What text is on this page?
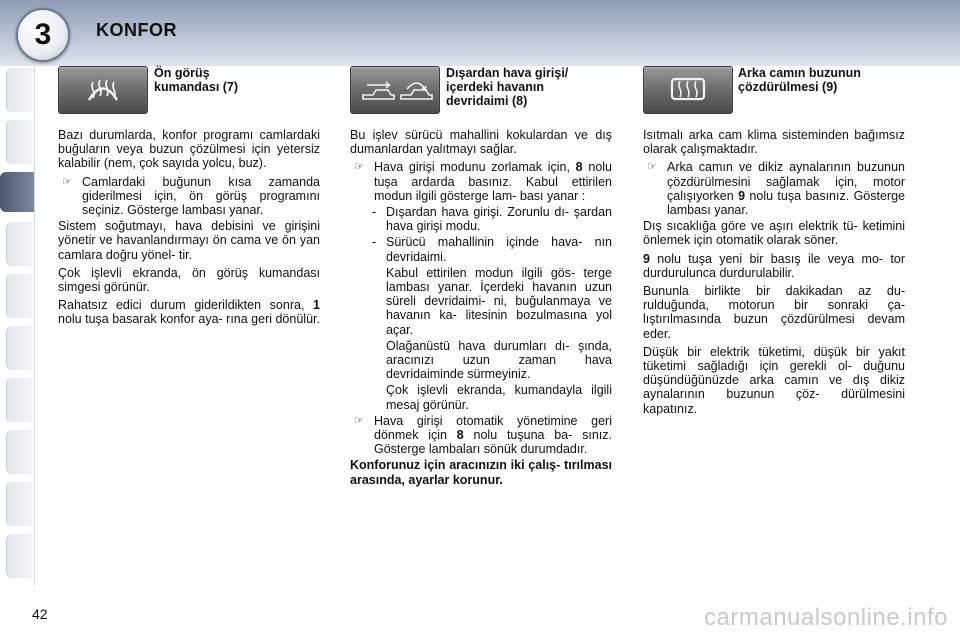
3 KONFOR
Ön görüş
kumandası (7)

Bazı durumlarda, konfor programı camlardaki buğuların veya buzun çözülmesi için yetersiz kalabilir (nem, çok sayıda yolcu, buz).

☞ Camlardaki buğunun kısa zamanda giderilmesi için, ön görüş programını seçiniz. Gösterge lambası yanar.

Sistem soğutmayı, hava debisini ve girişini yönetir ve havanlandırmayı ön cama ve ön yan camlara doğru yönel- tir.

Çok işlevli ekranda, ön görüş kumandası simgesi görünür.

Rahatsız edici durum giderildikten sonra, 1 nolu tuşa basarak konfor aya- rına geri dönülür.

Dışardan hava girişi/
içerdeki havanın
devridaimi (8)

Bu işlev sürücü mahallini kokulardan ve dış dumanlardan yalıtmayı sağlar.

☞ Hava girişi modunu zorlamak için, 8 nolu tuşa ardarda basınız. Kabul ettirilen modun ilgili gösterge lam- bası yanar :
- Dışardan hava girişi. Zorunlu dı- şardan hava girişi modu.
- Sürücü mahallinin içinde hava- nın devridaimi.
Kabul ettirilen modun ilgili gös- terge lambası yanar. İçerdeki havanın uzun süreli devridaimi- ni, buğulanmaya ve havanın ka- litesinin bozulmasına yol açar.
Olağanüstü hava durumları dı- şında, aracınızı uzun zaman hava devridaiminde sürmeyiniz.
Çok işlevli ekranda, kumandayla ilgili mesaj görünür.
☞ Hava girişi otomatik yönetimine geri dönmek için 8 nolu tuşuna ba- sınız. Gösterge lambaları sönük durumdadır.

Konforunuz için aracınızın iki çalış- tırılması arasında, ayarlar korunur.

Arka camın buzunun
çözdürülmesi (9)

Isıtmalı arka cam klima sisteminden bağımsız olarak çalışmaktadır.

☞ Arka camın ve dikiz aynalarının buzunun çözdürülmesini sağlamak için, motor çalışıyorken 9 nolu tuşa basınız. Gösterge lambası yanar.

Dış sıcaklığa göre ve aşırı elektrik tü- ketimini önlemek için otomatik olarak söner.

9 nolu tuşa yeni bir basış ile veya mo- tor durdurulunca durdurulabilir.

Bununla birlikte bir dakikadan az du- rulduğunda, motorun bir sonraki ça- lıştırılmasında buzun çözdürülmesi devam eder.

Düşük bir elektrik tüketimi, düşük bir yakıt tüketimi sağladığı için gerekli ol- duğunu düşündüğünüzde arka camın ve dış dikiz aynalarının buzunun çöz- dürülmesini kapatınız.

42	carmanualsonline.info
